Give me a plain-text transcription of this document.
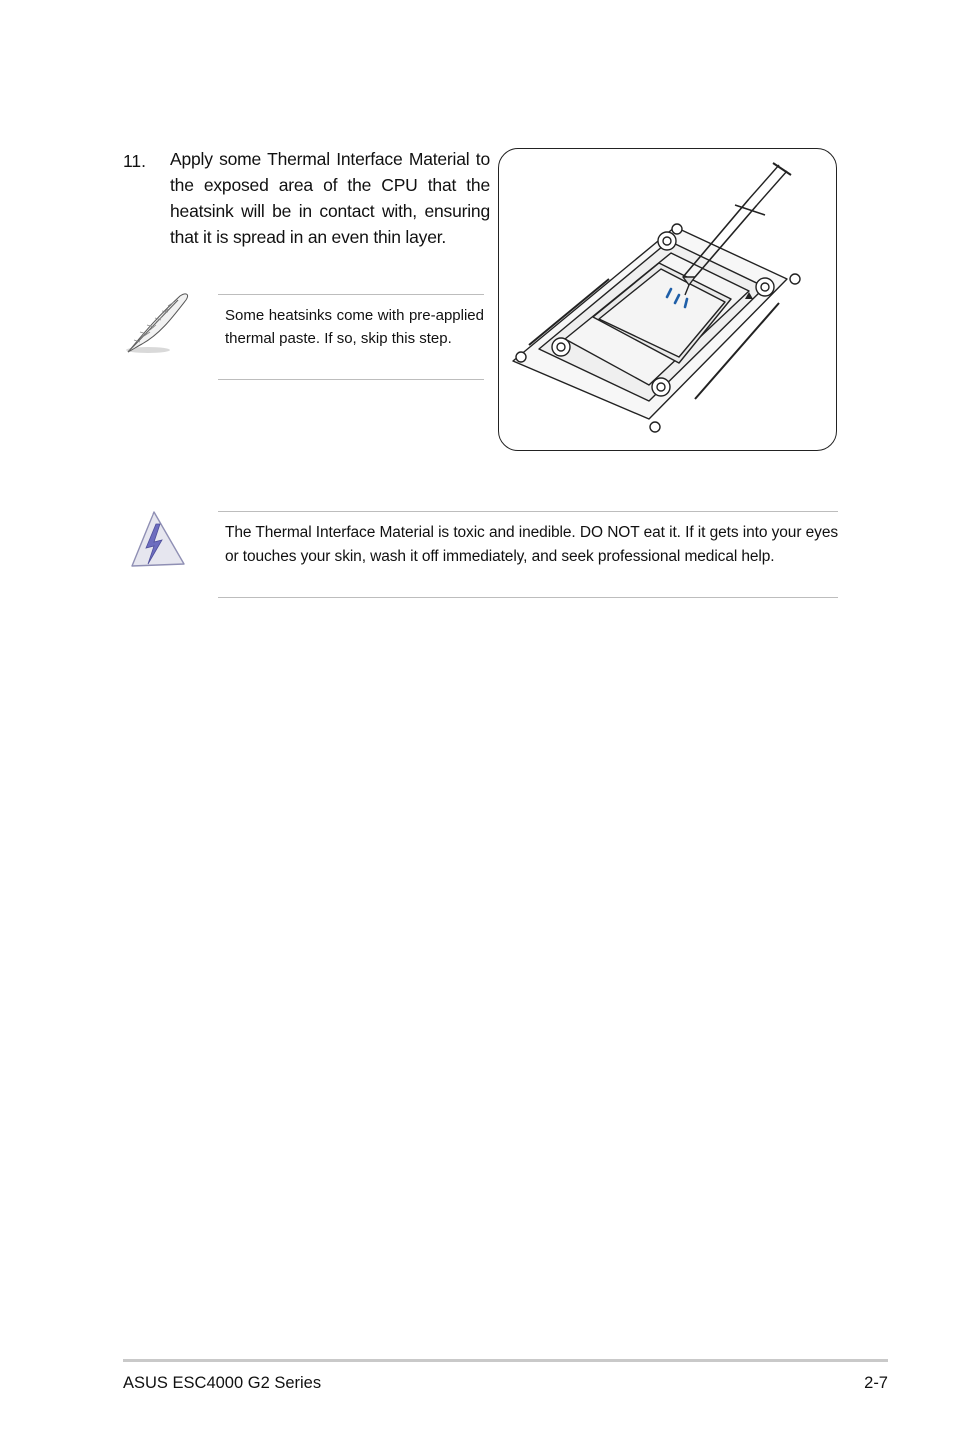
11. Apply some Thermal Interface Material to the exposed area of the CPU that the heatsink will be in contact with, ensuring that it is spread in an even thin layer.
Some heatsinks come with pre-applied thermal paste. If so, skip this step.
The Thermal Interface Material is toxic and inedible. DO NOT eat it. If it gets into your eyes or touches your skin, wash it off immediately, and seek professional medical help.
ASUS ESC4000 G2 Series	2-7
